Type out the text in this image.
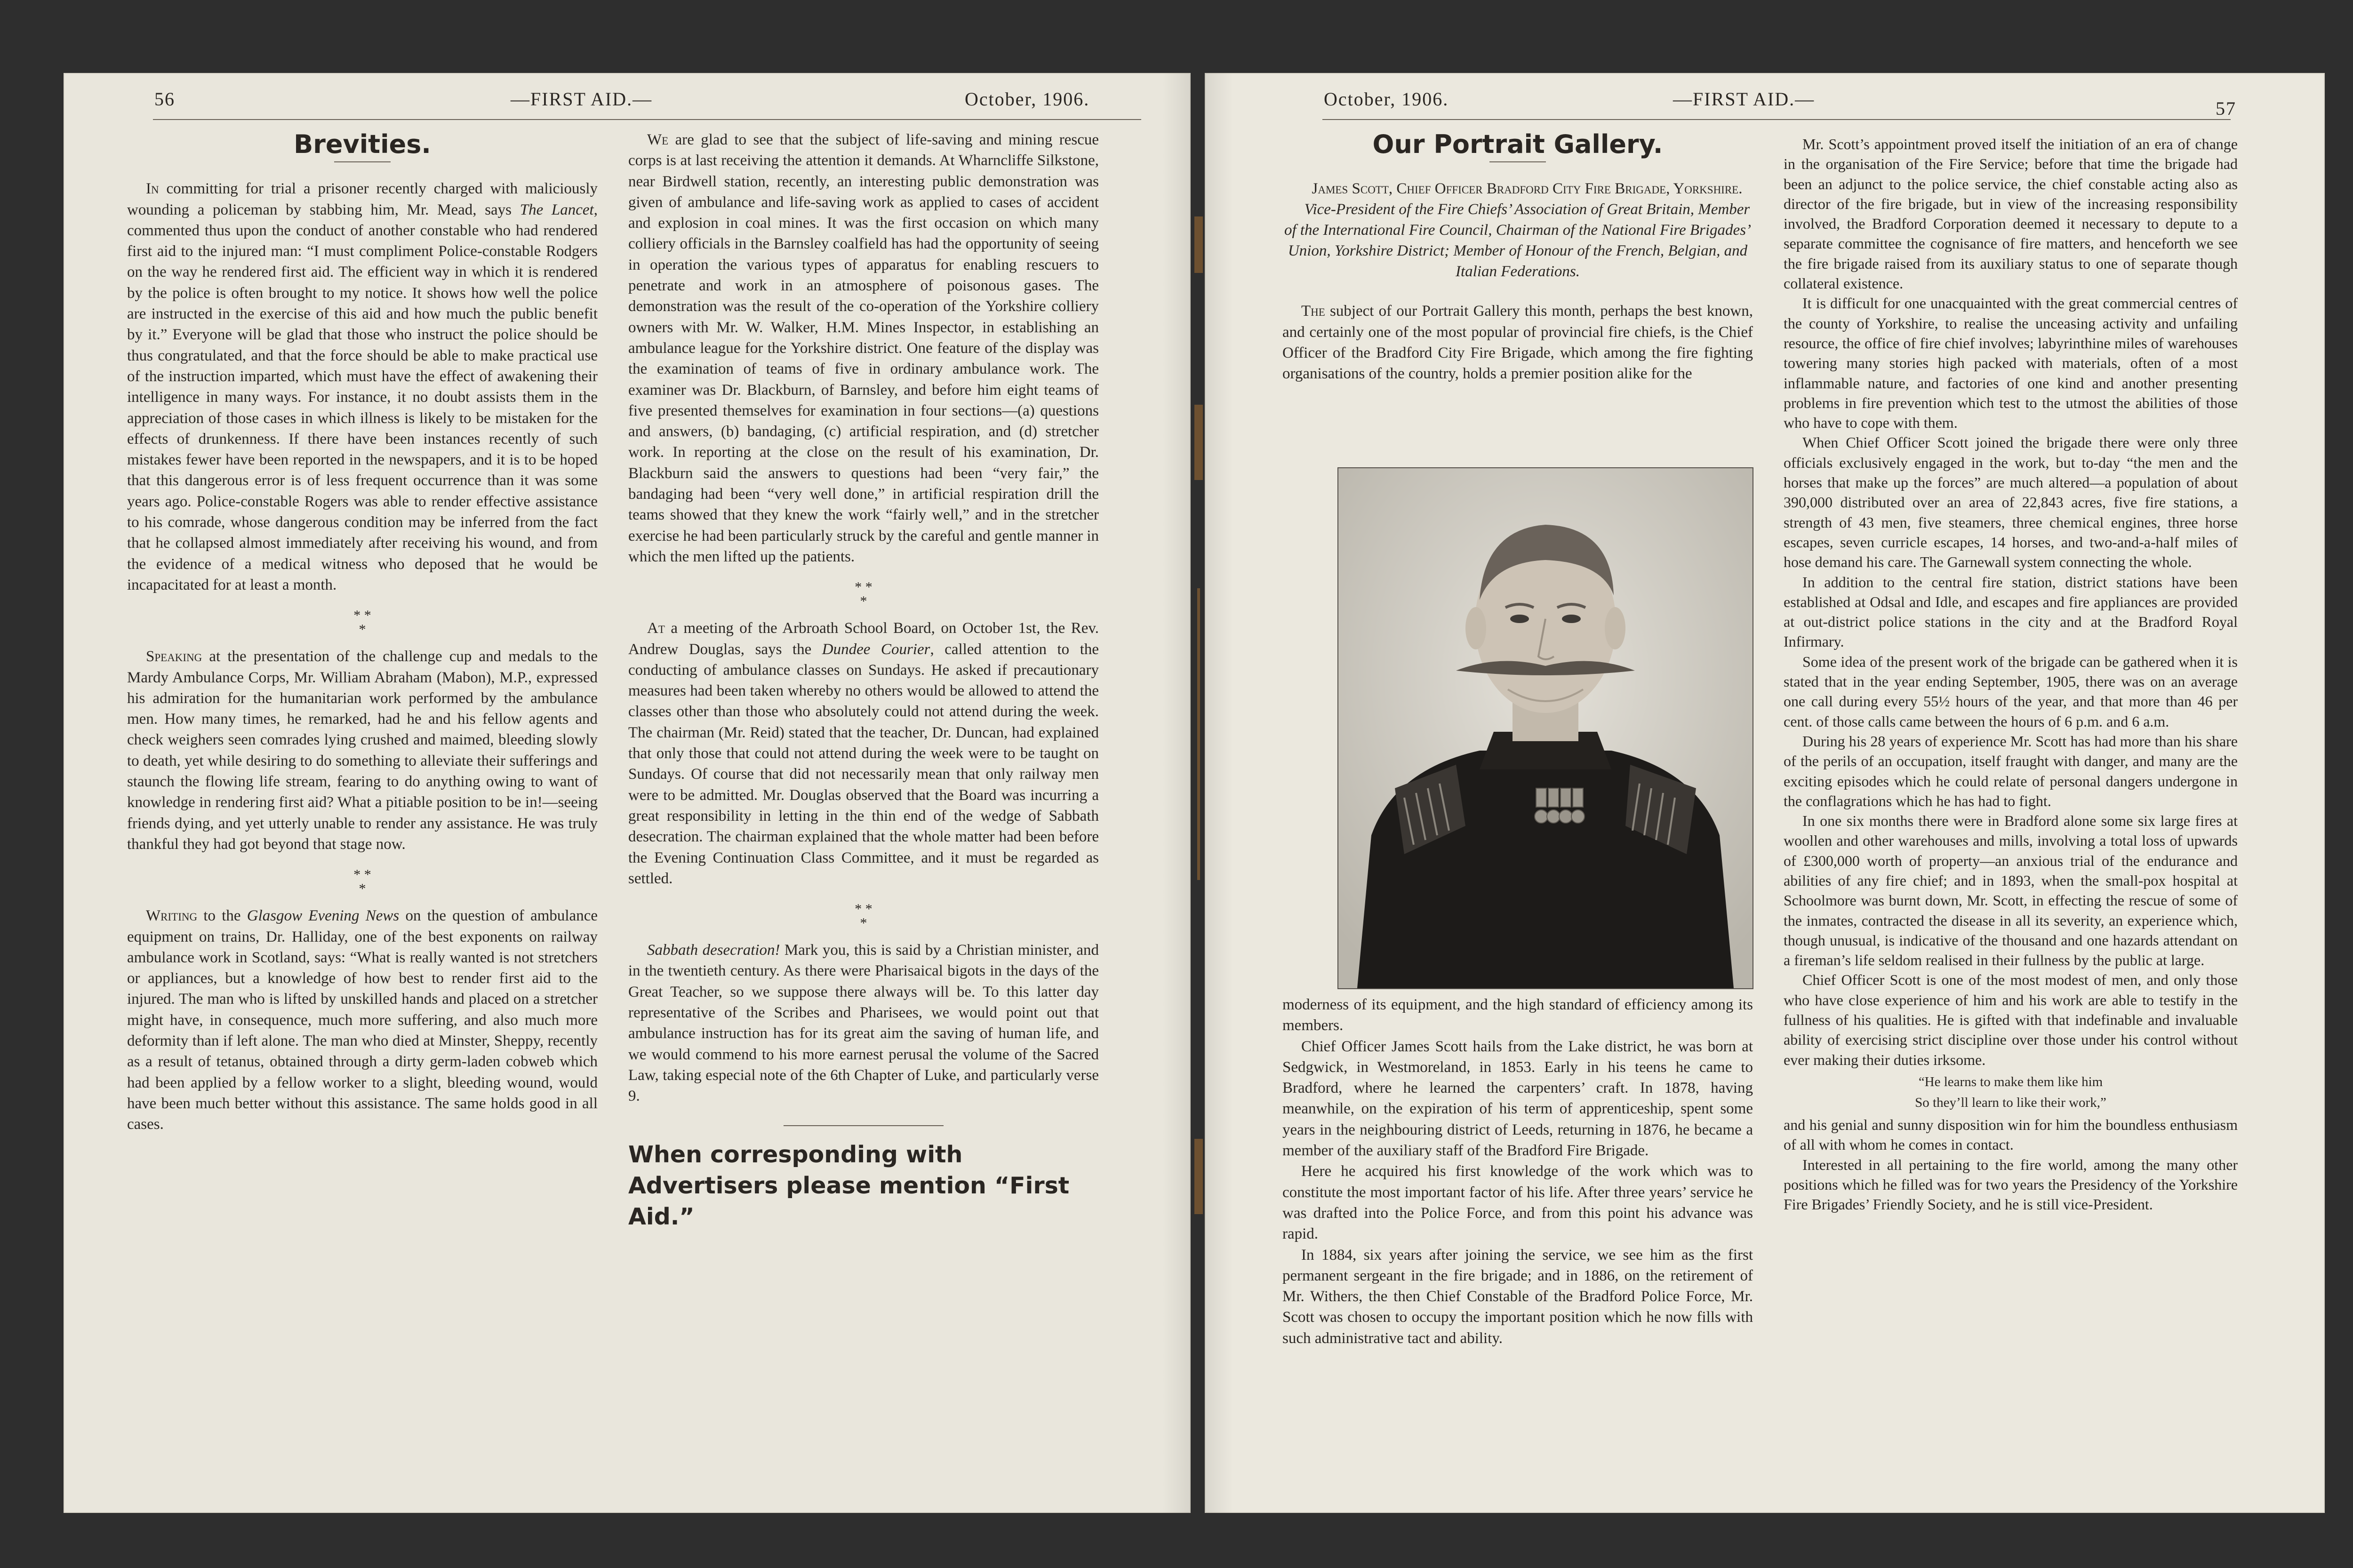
56	—FIRST AID.—	October, 1906.
Brevities.

In committing for trial a prisoner recently charged with maliciously wounding a policeman by stabbing him, Mr. Mead, says The Lancet, commented thus upon the conduct of another constable who had rendered first aid to the injured man: “I must compliment Police-constable Rodgers on the way he rendered first aid. The efficient way in which it is rendered by the police is often brought to my notice. It shows how well the police are instructed in the exercise of this aid and how much the public benefit by it.” Everyone will be glad that those who instruct the police should be thus congratulated, and that the force should be able to make practical use of the instruction imparted, which must have the effect of awakening their intelligence in many ways. For instance, it no doubt assists them in the appreciation of those cases in which illness is likely to be mistaken for the effects of drunkenness. If there have been instances recently of such mistakes fewer have been reported in the newspapers, and it is to be hoped that this dangerous error is of less frequent occurrence than it was some years ago. Police-constable Rogers was able to render effective assistance to his comrade, whose dangerous condition may be inferred from the fact that he collapsed almost immediately after receiving his wound, and from the evidence of a medical witness who deposed that he would be incapacitated for at least a month.

* *
*

Speaking at the presentation of the challenge cup and medals to the Mardy Ambulance Corps, Mr. William Abraham (Mabon), M.P., expressed his admiration for the humanitarian work performed by the ambulance men. How many times, he remarked, had he and his fellow agents and check weighers seen comrades lying crushed and maimed, bleeding slowly to death, yet while desiring to do something to alleviate their sufferings and staunch the flowing life stream, fearing to do anything owing to want of knowledge in rendering first aid? What a pitiable position to be in!—seeing friends dying, and yet utterly unable to render any assistance. He was truly thankful they had got beyond that stage now.

* *
*

Writing to the Glasgow Evening News on the question of ambulance equipment on trains, Dr. Halliday, one of the best exponents on railway ambulance work in Scotland, says: “What is really wanted is not stretchers or appliances, but a knowledge of how best to render first aid to the injured. The man who is lifted by unskilled hands and placed on a stretcher might have, in consequence, much more suffering, and also much more deformity than if left alone. The man who died at Minster, Sheppy, recently as a result of tetanus, obtained through a dirty germ-laden cobweb which had been applied by a fellow worker to a slight, bleeding wound, would have been much better without this assistance. The same holds good in all cases.

We are glad to see that the subject of life-saving and mining rescue corps is at last receiving the attention it demands. At Wharncliffe Silkstone, near Birdwell station, recently, an interesting public demonstration was given of ambulance and life-saving work as applied to cases of accident and explosion in coal mines. It was the first occasion on which many colliery officials in the Barnsley coalfield has had the opportunity of seeing in operation the various types of apparatus for enabling rescuers to penetrate and work in an atmosphere of poisonous gases. The demonstration was the result of the co-operation of the Yorkshire colliery owners with Mr. W. Walker, H.M. Mines Inspector, in establishing an ambulance league for the Yorkshire district. One feature of the display was the examination of teams of five in ordinary ambulance work. The examiner was Dr. Blackburn, of Barnsley, and before him eight teams of five presented themselves for examination in four sections—(a) questions and answers, (b) bandaging, (c) artificial respiration, and (d) stretcher work. In reporting at the close on the result of his examination, Dr. Blackburn said the answers to questions had been “very fair,” the bandaging had been “very well done,” in artificial respiration drill the teams showed that they knew the work “fairly well,” and in the stretcher exercise he had been particularly struck by the careful and gentle manner in which the men lifted up the patients.

* *
*

At a meeting of the Arbroath School Board, on October 1st, the Rev. Andrew Douglas, says the Dundee Courier, called attention to the conducting of ambulance classes on Sundays. He asked if precautionary measures had been taken whereby no others would be allowed to attend the classes other than those who absolutely could not attend during the week. The chairman (Mr. Reid) stated that the teacher, Dr. Duncan, had explained that only those that could not attend during the week were to be taught on Sundays. Of course that did not necessarily mean that only railway men were to be admitted. Mr. Douglas observed that the Board was incurring a great responsibility in letting in the thin end of the wedge of Sabbath desecration. The chairman explained that the whole matter had been before the Evening Continuation Class Committee, and it must be regarded as settled.

* *
*

Sabbath desecration! Mark you, this is said by a Christian minister, and in the twentieth century. As there were Pharisaical bigots in the days of the Great Teacher, so we suppose there always will be. To this latter day representative of the Scribes and Pharisees, we would point out that ambulance instruction has for its great aim the saving of human life, and we would commend to his more earnest perusal the volume of the Sacred Law, taking especial note of the 6th Chapter of Luke, and particularly verse 9.

When corresponding with Advertisers please mention “First Aid.”
October, 1906.	—FIRST AID.—	57
Our Portrait Gallery.

James Scott, Chief Officer Bradford City Fire Brigade, Yorkshire.

Vice-President of the Fire Chiefs’ Association of Great Britain, Member of the International Fire Council, Chairman of the National Fire Brigades’ Union, Yorkshire District; Member of Honour of the French, Belgian, and Italian Federations.

The subject of our Portrait Gallery this month, perhaps the best known, and certainly one of the most popular of provincial fire chiefs, is the Chief Officer of the Bradford City Fire Brigade, which among the fire fighting organisations of the country, holds a premier position alike for the

moderness of its equipment, and the high standard of efficiency among its members.

Chief Officer James Scott hails from the Lake district, he was born at Sedgwick, in Westmoreland, in 1853. Early in his teens he came to Bradford, where he learned the carpenters’ craft. In 1878, having meanwhile, on the expiration of his term of apprenticeship, spent some years in the neighbouring district of Leeds, returning in 1876, he became a member of the auxiliary staff of the Bradford Fire Brigade.

Here he acquired his first knowledge of the work which was to constitute the most important factor of his life. After three years’ service he was drafted into the Police Force, and from this point his advance was rapid.

In 1884, six years after joining the service, we see him as the first permanent sergeant in the fire brigade; and in 1886, on the retirement of Mr. Withers, the then Chief Constable of the Bradford Police Force, Mr. Scott was chosen to occupy the important position which he now fills with such administrative tact and ability.

Mr. Scott’s appointment proved itself the initiation of an era of change in the organisation of the Fire Service; before that time the brigade had been an adjunct to the police service, the chief constable acting also as director of the fire brigade, but in view of the increasing responsibility involved, the Bradford Corporation deemed it necessary to depute to a separate committee the cognisance of fire matters, and henceforth we see the fire brigade raised from its auxiliary status to one of separate though collateral existence.

It is difficult for one unacquainted with the great commercial centres of the county of Yorkshire, to realise the unceasing activity and unfailing resource, the office of fire chief involves; labyrinthine miles of warehouses towering many stories high packed with materials, often of a most inflammable nature, and factories of one kind and another presenting problems in fire prevention which test to the utmost the abilities of those who have to cope with them.

When Chief Officer Scott joined the brigade there were only three officials exclusively engaged in the work, but to-day “the men and the horses that make up the forces” are much altered—a population of about 390,000 distributed over an area of 22,843 acres, five fire stations, a strength of 43 men, five steamers, three chemical engines, three horse escapes, seven curricle escapes, 14 horses, and two-and-a-half miles of hose demand his care. The Garnewall system connecting the whole.

In addition to the central fire station, district stations have been established at Odsal and Idle, and escapes and fire appliances are provided at out-district police stations in the city and at the Bradford Royal Infirmary.

Some idea of the present work of the brigade can be gathered when it is stated that in the year ending September, 1905, there was on an average one call during every 55½ hours of the year, and that more than 46 per cent. of those calls came between the hours of 6 p.m. and 6 a.m.

During his 28 years of experience Mr. Scott has had more than his share of the perils of an occupation, itself fraught with danger, and many are the exciting episodes which he could relate of personal dangers undergone in the conflagrations which he has had to fight.

In one six months there were in Bradford alone some six large fires at woollen and other warehouses and mills, involving a total loss of upwards of £300,000 worth of property—an anxious trial of the endurance and abilities of any fire chief; and in 1893, when the small-pox hospital at Schoolmore was burnt down, Mr. Scott, in effecting the rescue of some of the inmates, contracted the disease in all its severity, an experience which, though unusual, is indicative of the thousand and one hazards attendant on a fireman’s life seldom realised in their fullness by the public at large.

Chief Officer Scott is one of the most modest of men, and only those who have close experience of him and his work are able to testify in the fullness of his qualities. He is gifted with that indefinable and invaluable ability of exercising strict discipline over those under his control without ever making their duties irksome.

“He learns to make them like him
So they’ll learn to like their work,”

and his genial and sunny disposition win for him the boundless enthusiasm of all with whom he comes in contact.

Interested in all pertaining to the fire world, among the many other positions which he filled was for two years the Presidency of the Yorkshire Fire Brigades’ Friendly Society, and he is still vice-President.
